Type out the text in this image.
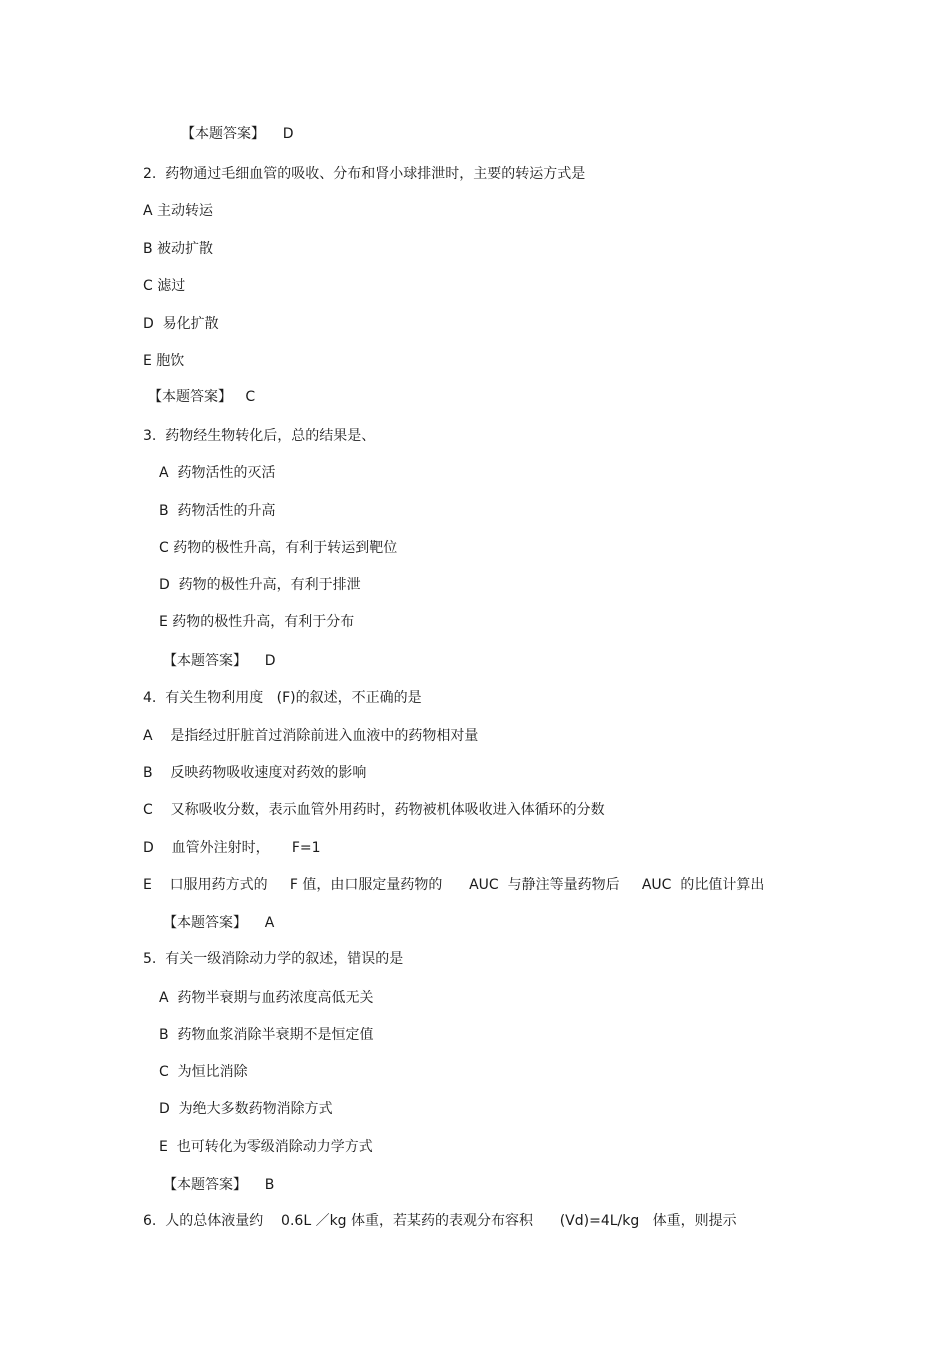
【本题答案】    D
2.  药物通过毛细血管的吸收、分布和肾小球排泄时，主要的转运方式是
A 主动转运
B 被动扩散
C 滤过
D  易化扩散
E 胞饮
【本题答案】   C
3.  药物经生物转化后，总的结果是、
A  药物活性的灭活
B  药物活性的升高
C 药物的极性升高，有利于转运到靶位
D  药物的极性升高，有利于排泄
E 药物的极性升高，有利于分布
【本题答案】    D
4.  有关生物利用度   (F)的叙述，不正确的是
A    是指经过肝脏首过消除前进入血液中的药物相对量
B    反映药物吸收速度对药效的影响
C    又称吸收分数，表示血管外用药时，药物被机体吸收进入体循环的分数
D    血管外注射时，     F=1
E    口服用药方式的     F 值，由口服定量药物的      AUC  与静注等量药物后     AUC  的比值计算出
【本题答案】    A
5.  有关一级消除动力学的叙述，错误的是
A  药物半衰期与血药浓度高低无关
B  药物血浆消除半衰期不是恒定值
C  为恒比消除
D  为绝大多数药物消除方式
E  也可转化为零级消除动力学方式
【本题答案】    B
6.  人的总体液量约    0.6L ／kg 体重，若某药的表观分布容积      (Vd)=4L/kg   体重，则提示
